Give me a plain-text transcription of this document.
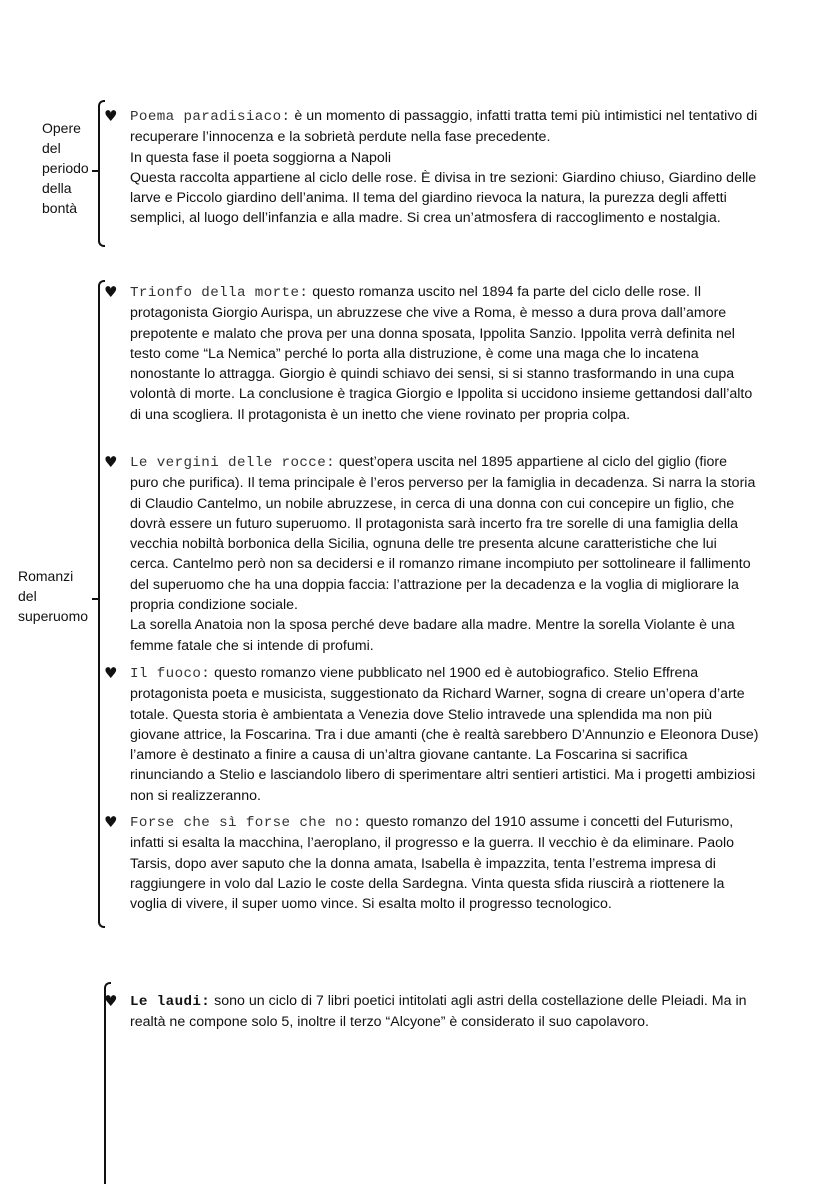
Opere
del
periodo
della
bontà
♥ Poema paradisiaco: è un momento di passaggio, infatti tratta temi più intimistici nel tentativo di recuperare l’innocenza e la sobrietà perdute nella fase precedente.

In questa fase il poeta soggiorna a Napoli

Questa raccolta appartiene al ciclo delle rose. È divisa in tre sezioni: Giardino chiuso, Giardino delle larve e Piccolo giardino dell’anima. Il tema del giardino rievoca la natura, la purezza degli affetti semplici, al luogo dell’infanzia e alla madre. Si crea un’atmosfera di raccoglimento e nostalgia.

Romanzi
del
superuomo
♥ Trionfo della morte: questo romanza uscito nel 1894 fa parte del ciclo delle rose. Il protagonista Giorgio Aurispa, un abruzzese che vive a Roma, è messo a dura prova dall’amore prepotente e malato che prova per una donna sposata, Ippolita Sanzio. Ippolita verrà definita nel testo come “La Nemica” perché lo porta alla distruzione, è come una maga che lo incatena nonostante lo attragga. Giorgio è quindi schiavo dei sensi, si si stanno trasformando in una cupa volontà di morte. La conclusione è tragica Giorgio e Ippolita si uccidono insieme gettandosi dall’alto di una scogliera. Il protagonista è un inetto che viene rovinato per propria colpa.

♥ Le vergini delle rocce: quest’opera uscita nel 1895 appartiene al ciclo del giglio (fiore puro che purifica). Il tema principale è l’eros perverso per la famiglia in decadenza. Si narra la storia di Claudio Cantelmo, un nobile abruzzese, in cerca di una donna con cui concepire un figlio, che dovrà essere un futuro superuomo. Il protagonista sarà incerto fra tre sorelle di una famiglia della vecchia nobiltà borbonica della Sicilia, ognuna delle tre presenta alcune caratteristiche che lui cerca. Cantelmo però non sa decidersi e il romanzo rimane incompiuto per sottolineare il fallimento del superuomo che ha una doppia faccia: l’attrazione per la decadenza e la voglia di migliorare la propria condizione sociale.

La sorella Anatoia non la sposa perché deve badare alla madre. Mentre la sorella Violante è una femme fatale che si intende di profumi.

♥ Il fuoco: questo romanzo viene pubblicato nel 1900 ed è autobiografico. Stelio Effrena protagonista poeta e musicista, suggestionato da Richard Warner, sogna di creare un’opera d’arte totale. Questa storia è ambientata a Venezia dove Stelio intravede una splendida ma non più giovane attrice, la Foscarina. Tra i due amanti (che è realtà sarebbero D’Annunzio e Eleonora Duse) l’amore è destinato a finire a causa di un’altra giovane cantante. La Foscarina si sacrifica rinunciando a Stelio e lasciandolo libero di sperimentare altri sentieri artistici. Ma i progetti ambiziosi non si realizzeranno.

♥ Forse che sì forse che no: questo romanzo del 1910 assume i concetti del Futurismo, infatti si esalta la macchina, l’aeroplano, il progresso e la guerra. Il vecchio è da eliminare. Paolo Tarsis, dopo aver saputo che la donna amata, Isabella è impazzita, tenta l’estrema impresa di raggiungere in volo dal Lazio le coste della Sardegna. Vinta questa sfida riuscirà a riottenere la voglia di vivere, il super uomo vince. Si esalta molto il progresso tecnologico.

♥ Le laudi: sono un ciclo di 7 libri poetici intitolati agli astri della costellazione delle Pleiadi. Ma in realtà ne compone solo 5, inoltre il terzo “Alcyone” è considerato il suo capolavoro.
